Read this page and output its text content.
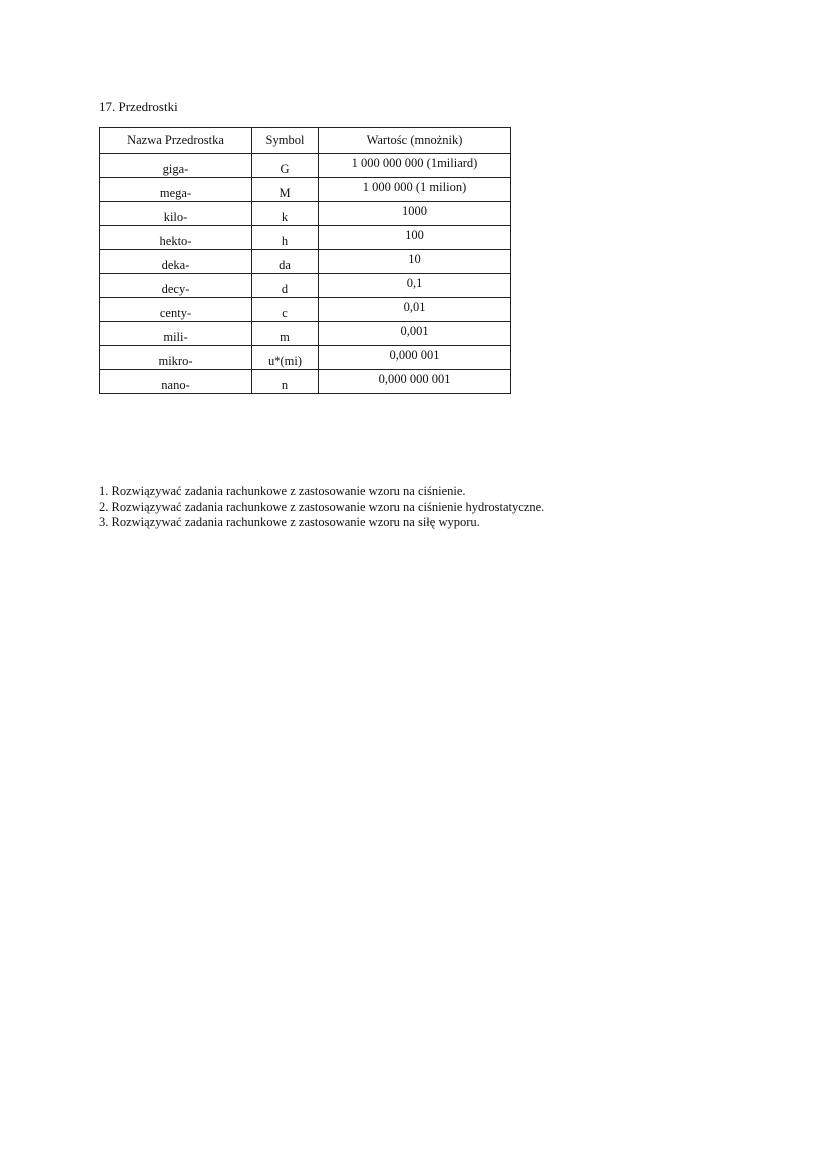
17. Przedrostki
Nazwa Przedrostka	Symbol	Wartośc (mnożnik)

giga-	G	1 000 000 000 (1miliard)

mega-	M	1 000 000 (1 milion)

kilo-	k	1000

hekto-	h	100

deka-	da	10

decy-	d	0,1

centy-	c	0,01

mili-	m	0,001

mikro-	u*(mi)	0,000 001

nano-	n	0,000 000 001
1. Rozwiązywać zadania rachunkowe z zastosowanie wzoru na ciśnienie.
2. Rozwiązywać zadania rachunkowe z zastosowanie wzoru na ciśnienie hydrostatyczne.
3. Rozwiązywać zadania rachunkowe z zastosowanie wzoru na siłę wyporu.
